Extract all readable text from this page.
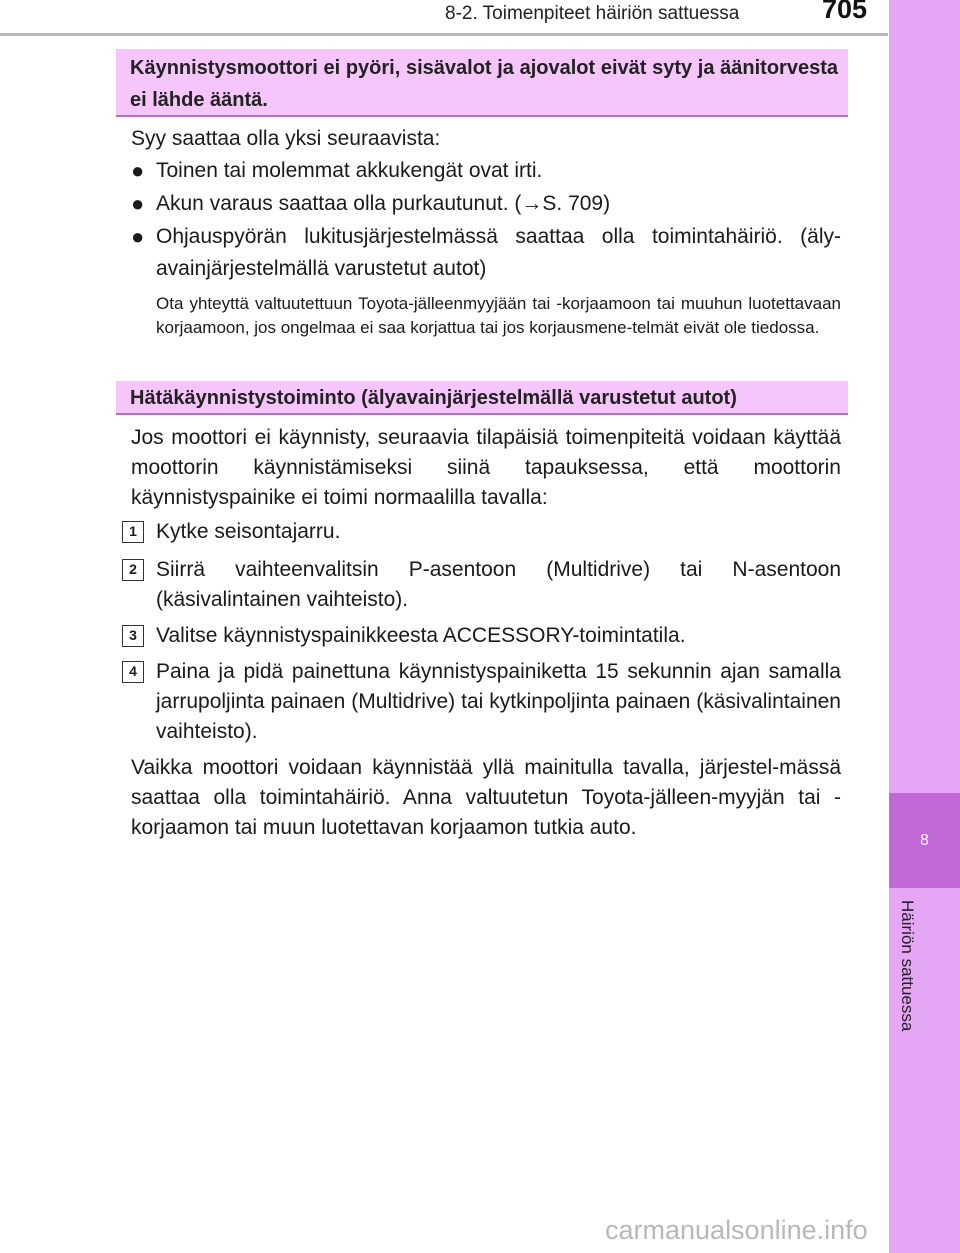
8-2. Toimenpiteet häiriön sattuessa	705
8
Häiriön sattuessa
Käynnistysmoottori ei pyöri, sisävalot ja ajovalot eivät syty ja äänitorvesta ei lähde ääntä.
Syy saattaa olla yksi seuraavista:
● Toinen tai molemmat akkukengät ovat irti.
● Akun varaus saattaa olla purkautunut. (→S. 709)
● Ohjauspyörän lukitusjärjestelmässä saattaa olla toimintahäiriö. (äly-avainjärjestelmällä varustetut autot)
Ota yhteyttä valtuutettuun Toyota-jälleenmyyjään tai -korjaamoon tai muuhun luotettavaan korjaamoon, jos ongelmaa ei saa korjattua tai jos korjausmene-telmät eivät ole tiedossa.
Hätäkäynnistystoiminto (älyavainjärjestelmällä varustetut autot)
Jos moottori ei käynnisty, seuraavia tilapäisiä toimenpiteitä voidaan käyttää moottorin käynnistämiseksi siinä tapauksessa, että moottorin käynnistyspainike ei toimi normaalilla tavalla:
1 Kytke seisontajarru.
2 Siirrä vaihteenvalitsin P-asentoon (Multidrive) tai N-asentoon (käsivalintainen vaihteisto).
3 Valitse käynnistyspainikkeesta ACCESSORY-toimintatila.
4 Paina ja pidä painettuna käynnistyspainiketta 15 sekunnin ajan samalla jarrupoljinta painaen (Multidrive) tai kytkinpoljinta painaen (käsivalintainen vaihteisto).
Vaikka moottori voidaan käynnistää yllä mainitulla tavalla, järjestel-mässä saattaa olla toimintahäiriö. Anna valtuutetun Toyota-jälleen-myyjän tai -korjaamon tai muun luotettavan korjaamon tutkia auto.
carmanualsonline.info
